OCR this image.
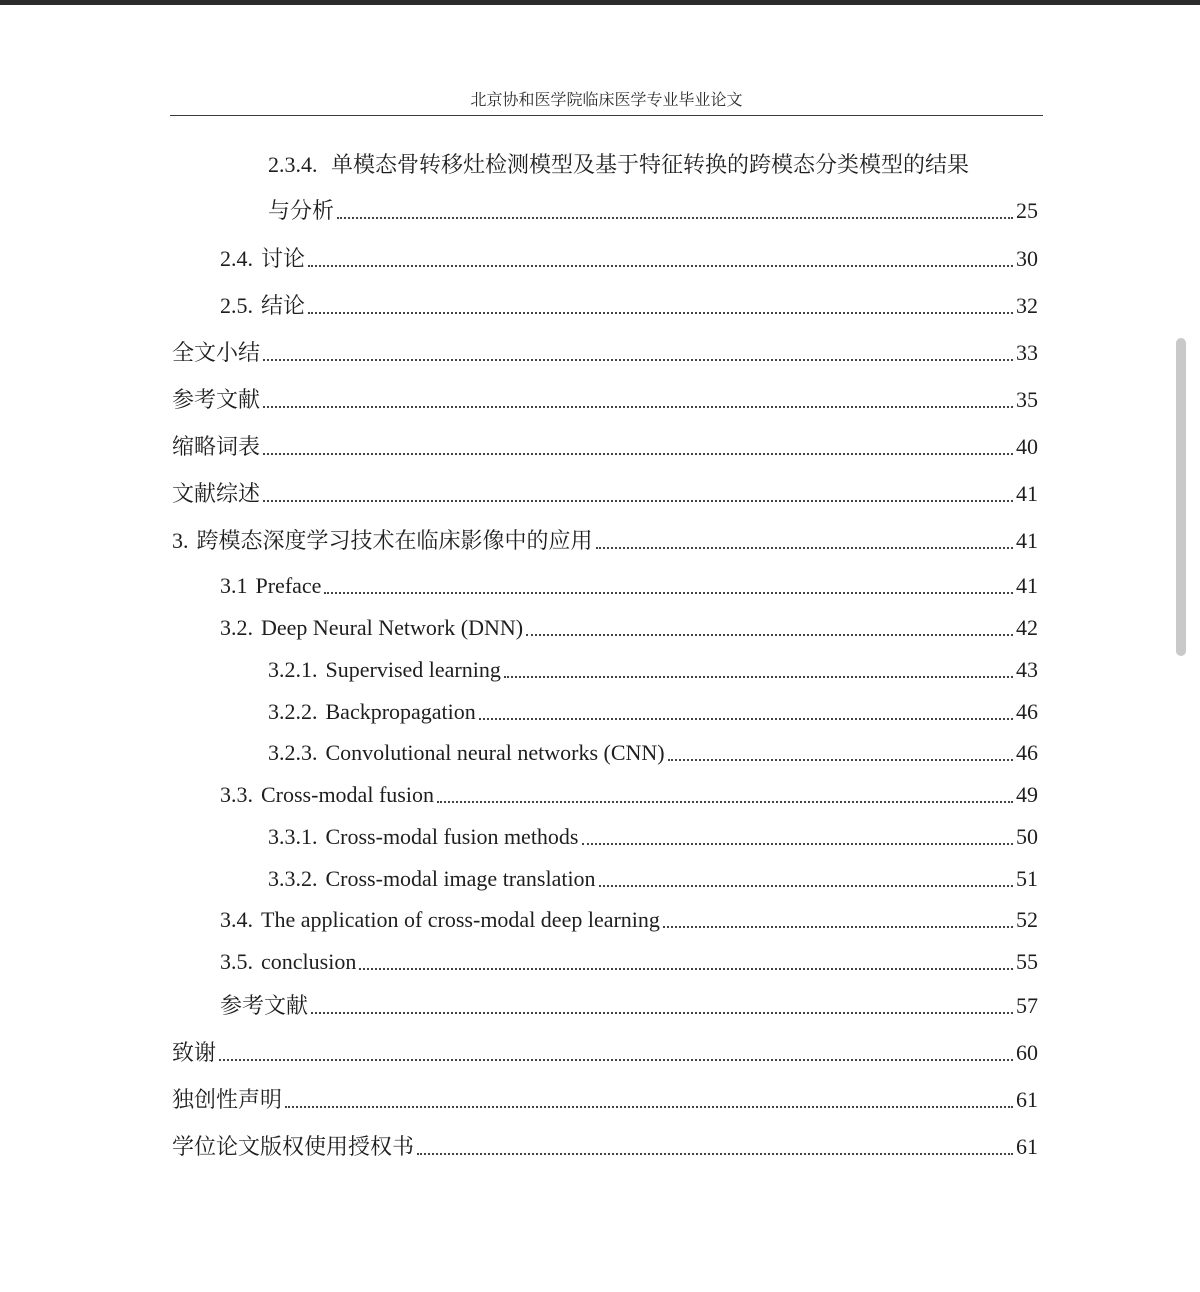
北京协和医学院临床医学专业毕业论文
2.3.4. 单模态骨转移灶检测模型及基于特征转换的跨模态分类模型的结果
与分析	25
2.4. 讨论	30
2.5. 结论	32
全文小结	33
参考文献	35
缩略词表	40
文献综述	41
3. 跨模态深度学习技术在临床影像中的应用	41
3.1 Preface	41
3.2. Deep Neural Network (DNN)	42
3.2.1. Supervised learning	43
3.2.2. Backpropagation	46
3.2.3. Convolutional neural networks (CNN)	46
3.3. Cross-modal fusion	49
3.3.1. Cross-modal fusion methods	50
3.3.2. Cross-modal image translation	51
3.4. The application of cross-modal deep learning	52
3.5. conclusion	55
参考文献	57
致谢	60
独创性声明	61
学位论文版权使用授权书	61
